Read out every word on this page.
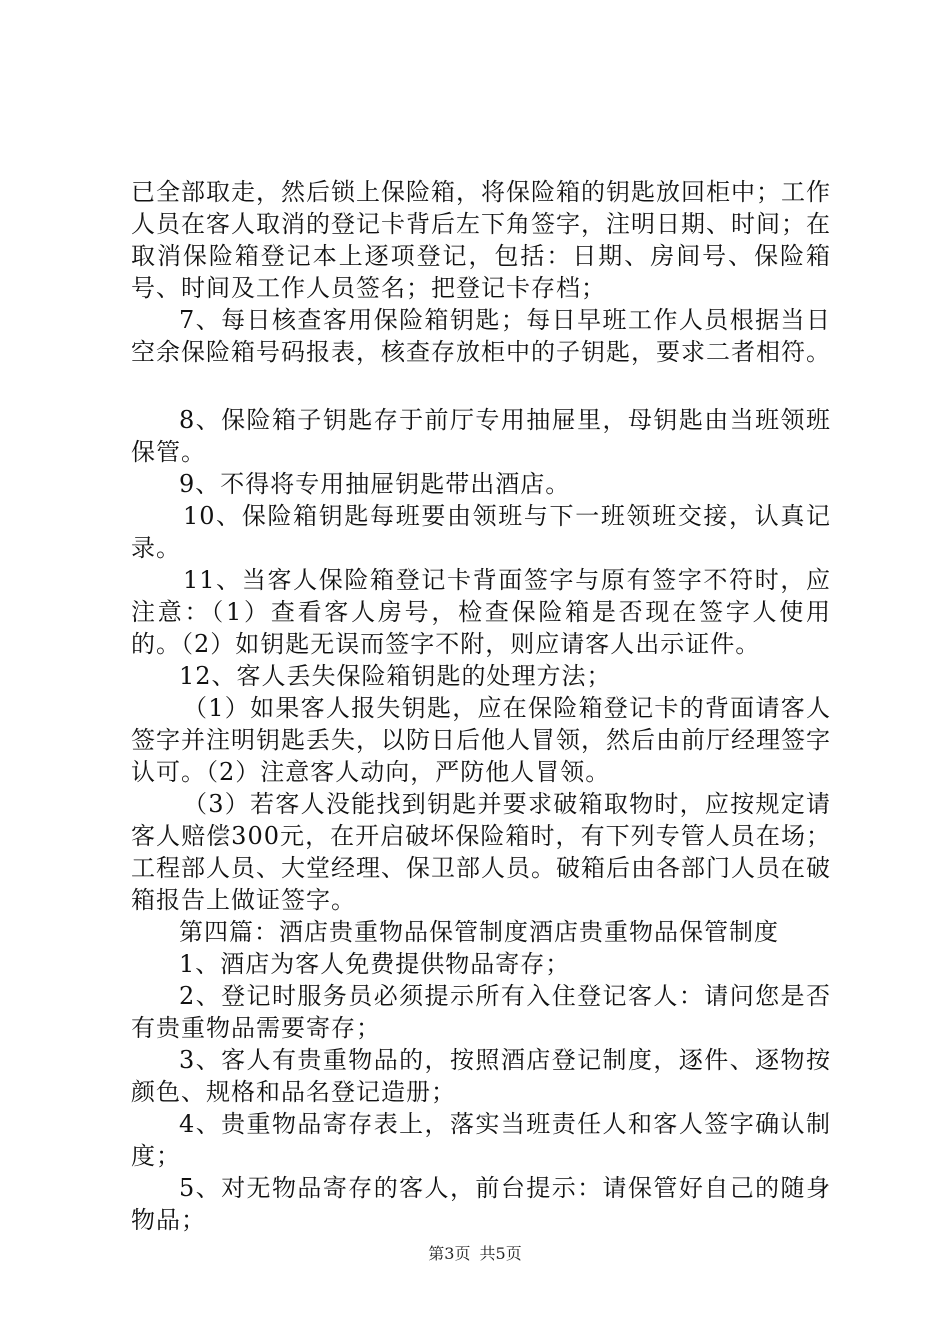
已全部取走，然后锁上保险箱，将保险箱的钥匙放回柜中；工作人员在客人取消的登记卡背后左下角签字，注明日期、时间；在取消保险箱登记本上逐项登记，包括：日期、房间号、保险箱号、时间及工作人员签名；把登记卡存档；

7、每日核查客用保险箱钥匙；每日早班工作人员根据当日空余保险箱号码报表，核查存放柜中的子钥匙，要求二者相符。

8、保险箱子钥匙存于前厅专用抽屉里，母钥匙由当班领班保管。

9、不得将专用抽屉钥匙带出酒店。

10、保险箱钥匙每班要由领班与下一班领班交接，认真记录。

11、当客人保险箱登记卡背面签字与原有签字不符时，应注意：（1）查看客人房号，检查保险箱是否现在签字人使用的。（2）如钥匙无误而签字不附，则应请客人出示证件。

12、客人丢失保险箱钥匙的处理方法；

（1）如果客人报失钥匙，应在保险箱登记卡的背面请客人签字并注明钥匙丢失，以防日后他人冒领，然后由前厅经理签字认可。（2）注意客人动向，严防他人冒领。

（3）若客人没能找到钥匙并要求破箱取物时，应按规定请客人赔偿300元，在开启破坏保险箱时，有下列专管人员在场；工程部人员、大堂经理、保卫部人员。破箱后由各部门人员在破箱报告上做证签字。

第四篇：酒店贵重物品保管制度酒店贵重物品保管制度

1、酒店为客人免费提供物品寄存；

2、登记时服务员必须提示所有入住登记客人：请问您是否有贵重物品需要寄存；

3、客人有贵重物品的，按照酒店登记制度，逐件、逐物按颜色、规格和品名登记造册；

4、贵重物品寄存表上，落实当班责任人和客人签字确认制度；

5、对无物品寄存的客人，前台提示：请保管好自己的随身物品；

第3页 共5页
